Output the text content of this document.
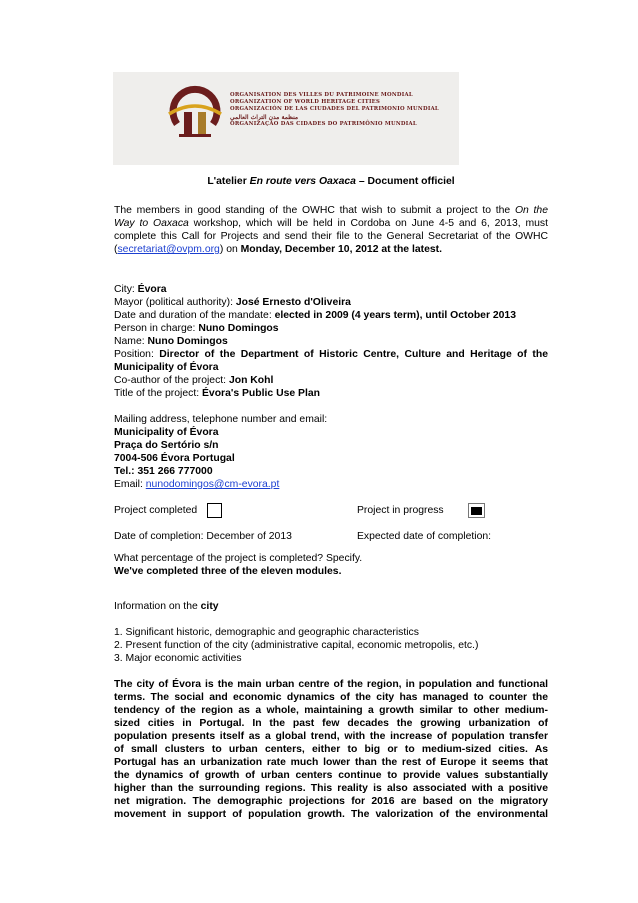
ORGANISATION DES VILLES DU PATRIMOINE MONDIAL
ORGANIZATION OF WORLD HERITAGE CITIES
ORGANIZACIÓN DE LAS CIUDADES DEL PATRIMONIO MUNDIAL
منظمة مدن التراث العالمي
ORGANIZAÇÃO DAS CIDADES DO PATRIMÔNIO MUNDIAL
L'atelier En route vers Oaxaca – Document officiel
The members in good standing of the OWHC that wish to submit a project to the On the
Way to Oaxaca workshop, which will be held in Cordoba on June 4-5 and 6, 2013, must
complete this Call for Projects and send their file to the General Secretariat of the OWHC
(secretariat@ovpm.org) on Monday, December 10, 2012 at the latest.
City: Évora
Mayor (political authority): José Ernesto d'Oliveira
Date and duration of the mandate: elected in 2009 (4 years term), until October 2013
Person in charge: Nuno Domingos
Name: Nuno Domingos
Position: Director of the Department of Historic Centre, Culture and Heritage of the
Municipality of Évora
Co-author of the project: Jon Kohl
Title of the project: Évora's Public Use Plan
Mailing address, telephone number and email:
Municipality of Évora
Praça do Sertório s/n
7004-506 Évora Portugal
Tel.: 351 266 777000
Email: nunodomingos@cm-evora.pt
Project completed	Project in progress
Date of completion: December of 2013	Expected date of completion:
What percentage of the project is completed? Specify.
We've completed three of the eleven modules.
Information on the city
1. Significant historic, demographic and geographic characteristics
2. Present function of the city (administrative capital, economic metropolis, etc.)
3. Major economic activities
The city of Évora is the main urban centre of the region, in population and functional
terms. The social and economic dynamics of the city has managed to counter the
tendency of the region as a whole, maintaining a growth similar to other medium-
sized cities in Portugal. In the past few decades the growing urbanization of
population presents itself as a global trend, with the increase of population transfer
of small clusters to urban centers, either to big or to medium-sized cities. As
Portugal has an urbanization rate much lower than the rest of Europe it seems that
the dynamics of growth of urban centers continue to provide values substantially
higher than the surrounding regions. This reality is also associated with a positive
net migration. The demographic projections for 2016 are based on the migratory
movement in support of population growth. The valorization of the environmental
